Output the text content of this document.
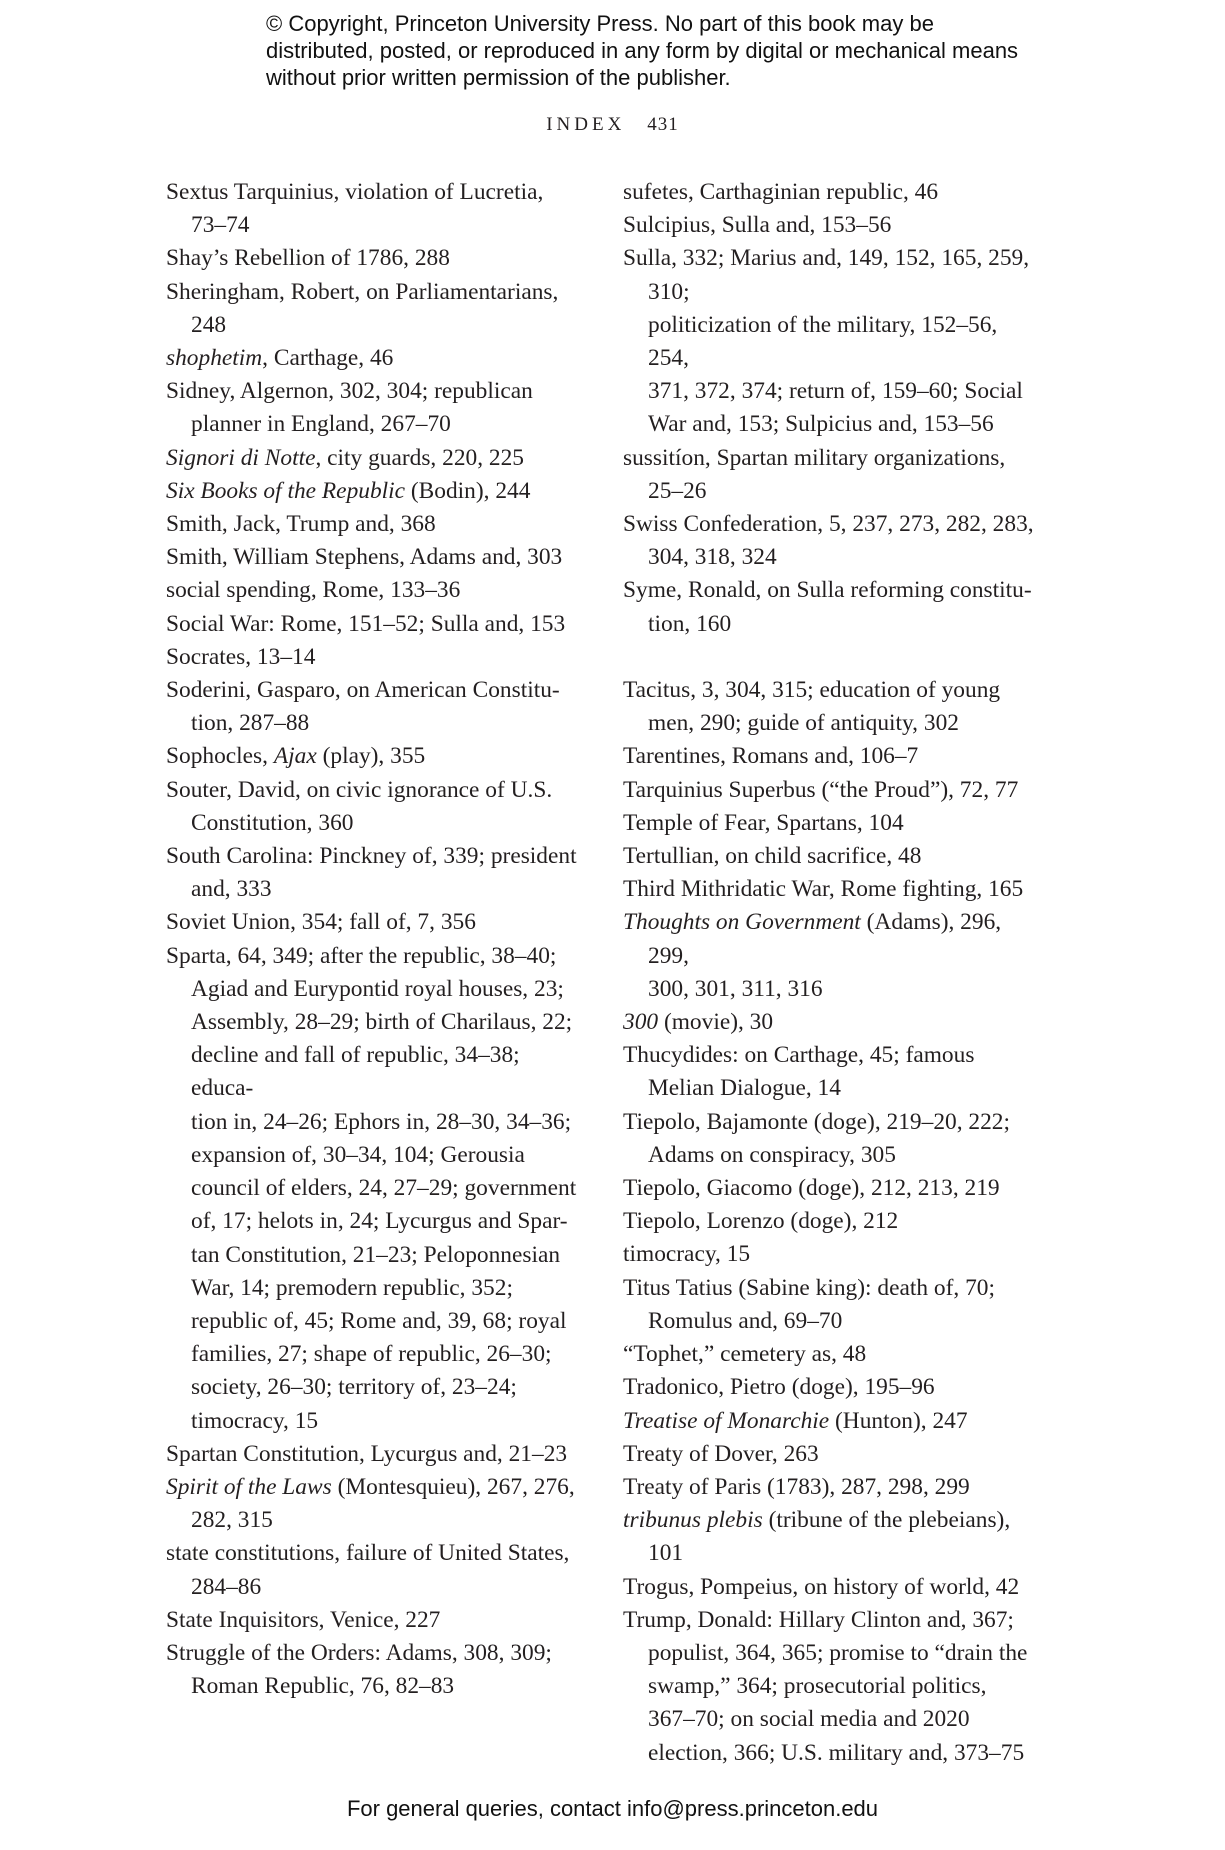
© Copyright, Princeton University Press. No part of this book may be distributed, posted, or reproduced in any form by digital or mechanical means without prior written permission of the publisher.
INDEX 431
Sextus Tarquinius, violation of Lucretia,
73–74
Shay’s Rebellion of 1786, 288
Sheringham, Robert, on Parliamentarians, 248
shophetim, Carthage, 46
Sidney, Algernon, 302, 304; republican
planner in England, 267–70
Signori di Notte, city guards, 220, 225
Six Books of the Republic (Bodin), 244
Smith, Jack, Trump and, 368
Smith, William Stephens, Adams and, 303
social spending, Rome, 133–36
Social War: Rome, 151–52; Sulla and, 153
Socrates, 13–14
Soderini, Gasparo, on American Constitu-
tion, 287–88
Sophocles, Ajax (play), 355
Souter, David, on civic ignorance of U.S.
Constitution, 360
South Carolina: Pinckney of, 339; president
and, 333
Soviet Union, 354; fall of, 7, 356
Sparta, 64, 349; after the republic, 38–40;
Agiad and Eurypontid royal houses, 23;
Assembly, 28–29; birth of Charilaus, 22;
decline and fall of republic, 34–38; educa-
tion in, 24–26; Ephors in, 28–30, 34–36;
expansion of, 30–34, 104; Gerousia
council of elders, 24, 27–29; government
of, 17; helots in, 24; Lycurgus and Spar-
tan Constitution, 21–23; Peloponnesian
War, 14; premodern republic, 352;
republic of, 45; Rome and, 39, 68; royal
families, 27; shape of republic, 26–30;
society, 26–30; territory of, 23–24;
timocracy, 15
Spartan Constitution, Lycurgus and, 21–23
Spirit of the Laws (Montesquieu), 267, 276,
282, 315
state constitutions, failure of United States,
284–86
State Inquisitors, Venice, 227
Struggle of the Orders: Adams, 308, 309;
Roman Republic, 76, 82–83
sufetes, Carthaginian republic, 46
Sulcipius, Sulla and, 153–56
Sulla, 332; Marius and, 149, 152, 165, 259, 310;
politicization of the military, 152–56, 254,
371, 372, 374; return of, 159–60; Social
War and, 153; Sulpicius and, 153–56
sussitíon, Spartan military organizations,
25–26
Swiss Confederation, 5, 237, 273, 282, 283,
304, 318, 324
Syme, Ronald, on Sulla reforming constitu-
tion, 160
Tacitus, 3, 304, 315; education of young
men, 290; guide of antiquity, 302
Tarentines, Romans and, 106–7
Tarquinius Superbus (“the Proud”), 72, 77
Temple of Fear, Spartans, 104
Tertullian, on child sacrifice, 48
Third Mithridatic War, Rome fighting, 165
Thoughts on Government (Adams), 296, 299,
300, 301, 311, 316
300 (movie), 30
Thucydides: on Carthage, 45; famous
Melian Dialogue, 14
Tiepolo, Bajamonte (doge), 219–20, 222;
Adams on conspiracy, 305
Tiepolo, Giacomo (doge), 212, 213, 219
Tiepolo, Lorenzo (doge), 212
timocracy, 15
Titus Tatius (Sabine king): death of, 70;
Romulus and, 69–70
“Tophet,” cemetery as, 48
Tradonico, Pietro (doge), 195–96
Treatise of Monarchie (Hunton), 247
Treaty of Dover, 263
Treaty of Paris (1783), 287, 298, 299
tribunus plebis (tribune of the plebeians), 101
Trogus, Pompeius, on history of world, 42
Trump, Donald: Hillary Clinton and, 367;
populist, 364, 365; promise to “drain the
swamp,” 364; prosecutorial politics,
367–70; on social media and 2020
election, 366; U.S. military and, 373–75
For general queries, contact info@press.princeton.edu
